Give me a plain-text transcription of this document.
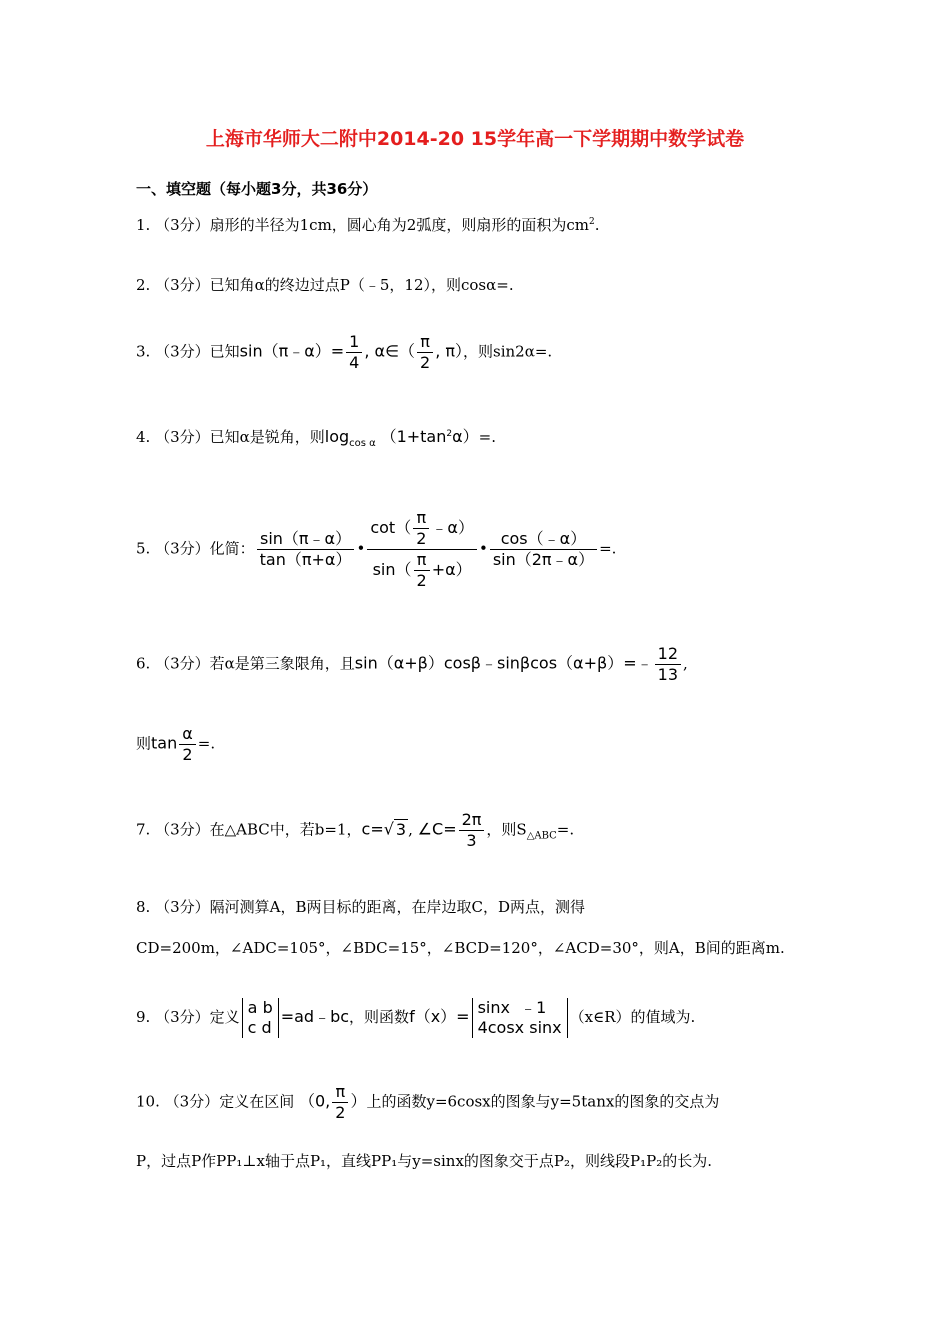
上海市华师大二附中2014-20 15学年高一下学期期中数学试卷
一、填空题（每小题3分，共36分）
1. （3分）扇形的半径为1cm，圆心角为2弧度，则扇形的面积为$cm^2$.
2. （3分）已知角α的终边过点P（﹣5，12），则cosα=.
3. （3分）已知sin（π﹣α）= $\frac{1}{4}$ , α∈（ $\frac{\pi}{2}$ , π），则sin2α=.
4. （3分）已知α是锐角，则$\log_{cos \alpha} (1+\tan^2\alpha)=$.
5. （3分）化简： $\frac{\sin(\pi﹣\alpha)}{\tan(\pi+\alpha)}$ • $\frac{\cot( \frac{\pi}{2} ﹣\alpha)}{\sin( \frac{\pi}{2} +\alpha)}$ • $\frac{\cos(﹣\alpha)}{\sin(2\pi﹣\alpha)}$ =.
6. （3分）若α是第三象限角，且sin（α+β）cosβ﹣sinβcos（α+β）=﹣ $\frac{12}{13}$ ,
则$\tan \frac{\alpha}{2}$ =.
7. （3分）在△ABC中，若b=1，c=√ 3 , ∠C= $\frac{2\pi}{3}$ ，则$S_{\triangle ABC}=$.
8. （3分）隔河测算A，B两目标的距离，在岸边取C，D两点，测得
CD=200m，∠ADC=105°，∠BDC=15°，∠BCD=120°，∠ACD=30°，则A，B间的距离m.
9. （3分）定义 a b
c d
=ad﹣bc，则函数f（x）= sinx ﹣1
4cosx sinx
（x∈R）的值域为.
10. （3分）定义在区间 （0, $\frac{\pi}{2}$ ）上的函数y=6cosx的图象与y=5tanx的图象的交点为
P，过点P作PP₁⊥x轴于点P₁，直线PP₁与y=sinx的图象交于点P₂，则线段P₁P₂的长为.
